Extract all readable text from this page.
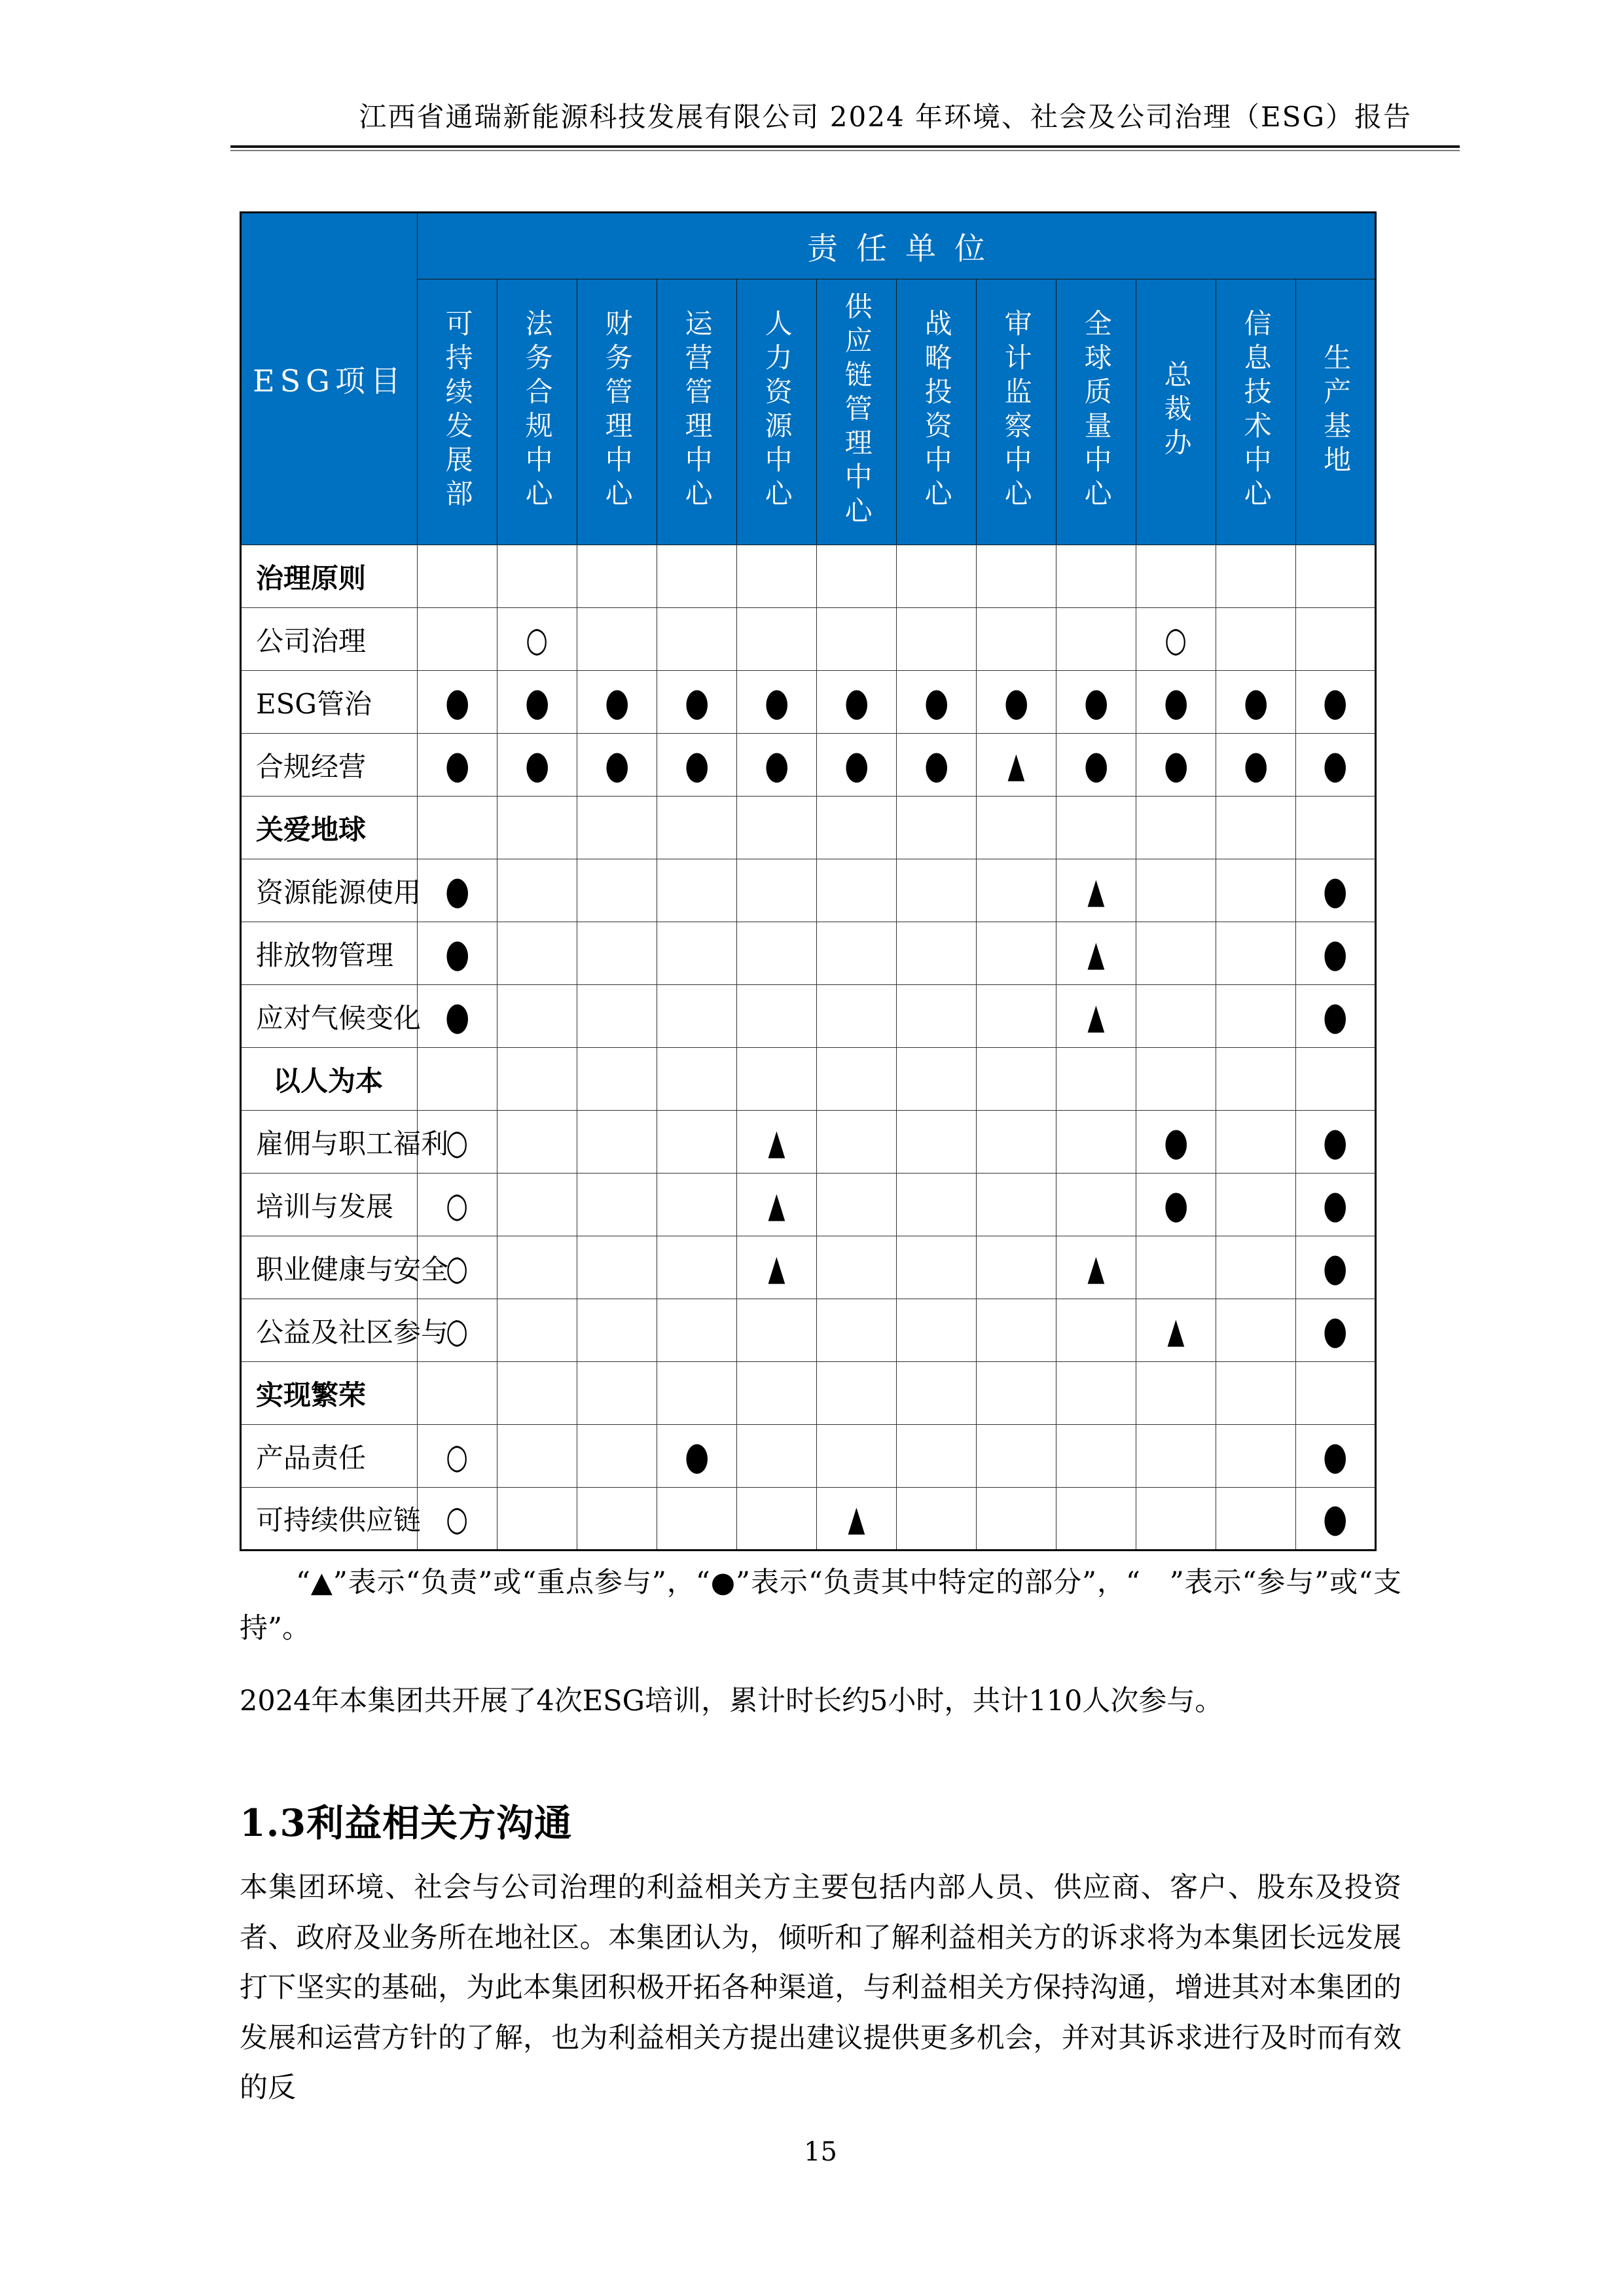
江西省通瑞新能源科技发展有限公司 2024 年环境、社会及公司治理（ESG）报告
ESG项目	责任单位											
	可持续发展部	法务合规中心	财务管理中心	运营管理中心	人力资源中心	供应链管理中心	战略投资中心	审计监察中心	全球质量中心	总裁办	信息技术中心	生产基地
治理原则												
公司治理		○								○		
ESG管治	●	●	●	●	●	●	●	●	●	●	●	●
合规经营	●	●	●	●	●	●	●	▲	●	●	●	●
关爱地球												
资源能源使用	●								▲			●
排放物管理	●								▲			●
应对气候变化	●								▲			●
以人为本												
雇佣与职工福利	○				▲					●		●
培训与发展	○				▲					●		●
职业健康与安全	○				▲				▲			●
公益及社区参与	○									▲		●
实现繁荣												
产品责任	○			●								●
可持续供应链	○					▲						●

“▲”表示“负责”或“重点参与”，“●”表示“负责其中特定的部分”，“　”表示“参与”或“支持”。

2024年本集团共开展了4次ESG培训，累计时长约5小时，共计110人次参与。

1.3利益相关方沟通

本集团环境、社会与公司治理的利益相关方主要包括内部人员、供应商、客户、股东及投资者、政府及业务所在地社区。本集团认为，倾听和了解利益相关方的诉求将为本集团长远发展打下坚实的基础，为此本集团积极开拓各种渠道，与利益相关方保持沟通，增进其对本集团的发展和运营方针的了解，也为利益相关方提出建议提供更多机会，并对其诉求进行及时而有效的反

15
